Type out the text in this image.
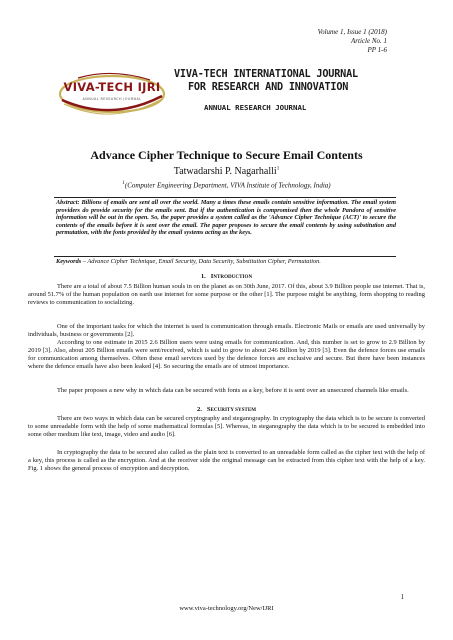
Volume 1, Issue 1 (2018)
Article No. 1
PP 1-6
VIVA-TECH IJRI
ANNUAL RESEARCH JOURNAL
VIVA-TECH INTERNATIONAL JOURNAL
FOR RESEARCH AND INNOVATION
ANNUAL RESEARCH JOURNAL
Advance Cipher Technique to Secure Email Contents
Tatwadarshi P. Nagarhalli$^1$
$^1$(Computer Engineering Department, VIVA Institute of Technology, India)
Abstract: Billions of emails are sent all over the world. Many a times these emails contain sensitive information. The email system providers do provide security for the emails sent. But if the authentication is compromised then the whole Pandora of sensitive information will be out in the open. So, the paper provides a system called as the 'Advance Cipher Technique (ACT)' to secure the contents of the emails before it is sent over the email. The paper proposes to secure the email contents by using substitution and permutation, with the fonts provided by the email systems acting as the keys.
Keywords – Advance Cipher Technique, Email Security, Data Security, Substitution Cipher, Permutation.
1. INTRODUCTION
There are a total of about 7.5 Billion human souls in on the planet as on 30th June, 2017. Of this, about 3.9 Billion people use internet. That is, around 51.7% of the human population on earth use internet for some purpose or the other [1]. The purpose might be anything, form shopping to reading reviews to communication to socializing.
One of the important tasks for which the internet is used is communication through emails. Electronic Mails or emails are used universally by individuals, business or governments [2].
According to one estimate in 2015 2.6 Billion users were using emails for communication. And, this number is set to grow to 2.9 Billion by 2019 [3]. Also, about 205 Billion emails were sent/received, which is said to grow to about 246 Billion by 2019 [3]. Even the defence forces use emails for communication among themselves. Often these email services used by the defence forces are exclusive and secure. But there have been instances where the defence emails have also been leaked [4]. So securing the emails are of utmost importance.
The paper proposes a new why in which data can be secured with fonts as a key, before it is sent over an unsecured channels like emails.
2. SECURITY SYSTEM
There are two ways in which data can be secured cryptography and steganography. In cryptography the data which is to be secure is converted to some unreadable form with the help of some mathematical formulas [5]. Whereas, in steganography the data which is to be secured is embedded into some other medium like text, image, video and audio [6].
In cryptography the data to be secured also called as the plain text is converted to an unreadable form called as the cipher text with the help of a key, this process is called as the encryption. And at the receiver side the original message can be extracted from this cipher text with the help of a key. Fig. 1 shows the general process of encryption and decryption.
1
www.viva-technology.org/New/IJRI
